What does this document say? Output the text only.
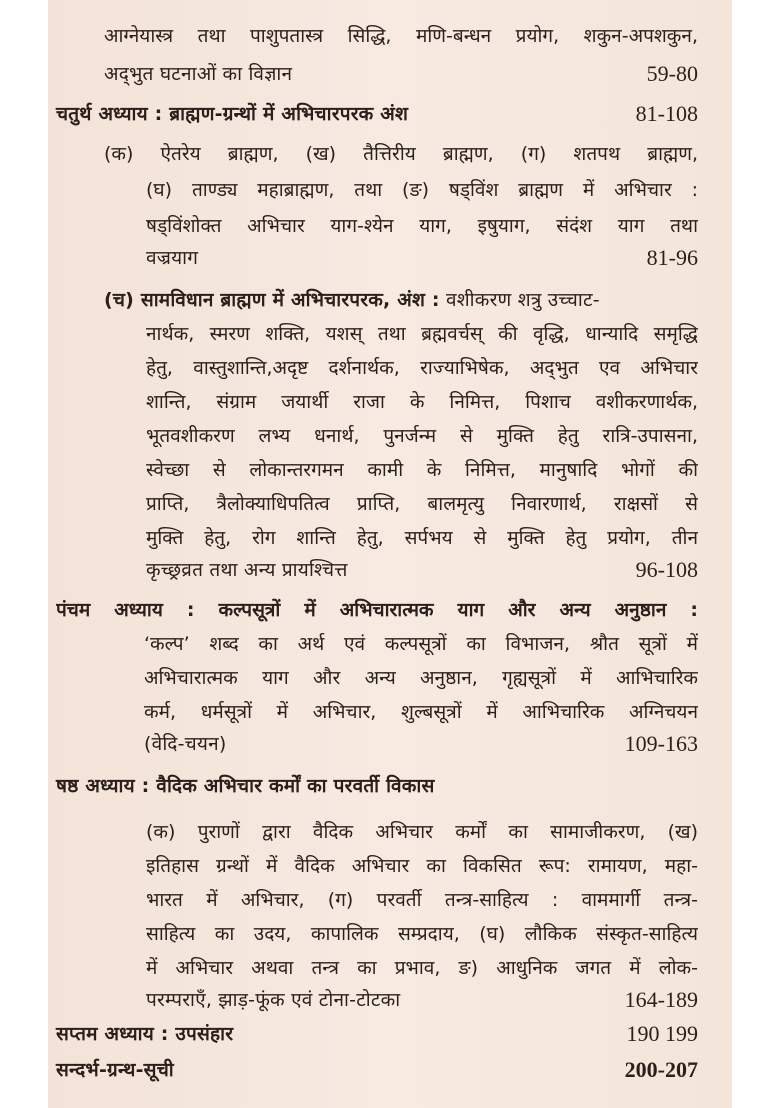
आग्नेयास्त्र तथा पाशुपतास्त्र सिद्धि, मणि-बन्धन प्रयोग, शकुन-अपशकुन,
अद्‌भुत घटनाओं का विज्ञान	59-80
चतुर्थ अध्याय : ब्राह्मण-ग्रन्थों में अभिचारपरक अंश	81-108
(क) ऐतरेय ब्राह्मण, (ख) तैत्तिरीय ब्राह्मण, (ग) शतपथ ब्राह्मण,
(घ) ताण्ड्य महाब्राह्मण, तथा (ङ) षड्‌विंश ब्राह्मण में अभिचार :
षड्‌विंशोक्त अभिचार याग-श्येन याग, इषुयाग, संदंश याग तथा
वज्रयाग	81-96
(च) सामविधान ब्राह्मण में अभिचारपरक, अंश : वशीकरण शत्रु उच्चाट-
नार्थक, स्मरण शक्ति, यशस् तथा ब्रह्मवर्चस् की वृद्धि, धान्यादि समृद्धि
हेतु, वास्तुशान्ति,अदृष्ट दर्शनार्थक, राज्याभिषेक, अद्‌भुत एव अभिचार
शान्ति, संग्राम जयार्थी राजा के निमित्त, पिशाच वशीकरणार्थक,
भूतवशीकरण लभ्य धनार्थ, पुनर्जन्म से मुक्ति हेतु रात्रि-उपासना,
स्वेच्छा से लोकान्तरगमन कामी के निमित्त, मानुषादि भोगों की
प्राप्ति, त्रैलोक्याधिपतित्व प्राप्ति, बालमृत्यु निवारणार्थ, राक्षसों से
मुक्ति हेतु, रोग शान्ति हेतु, सर्पभय से मुक्ति हेतु प्रयोग, तीन
कृच्छ्रव्रत तथा अन्य प्रायश्चित्त	96-108
पंचम अध्याय : कल्पसूत्रों में अभिचारात्मक याग और अन्य अनुष्ठान :
‘कल्प’ शब्द का अर्थ एवं कल्पसूत्रों का विभाजन, श्रौत सूत्रों में
अभिचारात्मक याग और अन्य अनुष्ठान, गृह्यसूत्रों में आभिचारिक
कर्म, धर्मसूत्रों में अभिचार, शुल्बसूत्रों में आभिचारिक अग्निचयन
(वेदि-चयन)	109-163
षष्ठ अध्याय : वैदिक अभिचार कर्मों का परवर्ती विकास
(क) पुराणों द्वारा वैदिक अभिचार कर्मों का सामाजीकरण, (ख)
इतिहास ग्रन्थों में वैदिक अभिचार का विकसित रूप: रामायण, महा-
भारत में अभिचार, (ग) परवर्ती तन्त्र-साहित्य : वाममार्गी तन्त्र-
साहित्य का उदय, कापालिक सम्प्रदाय, (घ) लौकिक संस्कृत-साहित्य
में अभिचार अथवा तन्त्र का प्रभाव, ङ) आधुनिक जगत में लोक-
परम्पराएँ, झाड़-फूंक एवं टोना-टोटका	164-189
सप्तम अध्याय : उपसंहार	190 199
सन्दर्भ-ग्रन्थ-सूची	200-207
